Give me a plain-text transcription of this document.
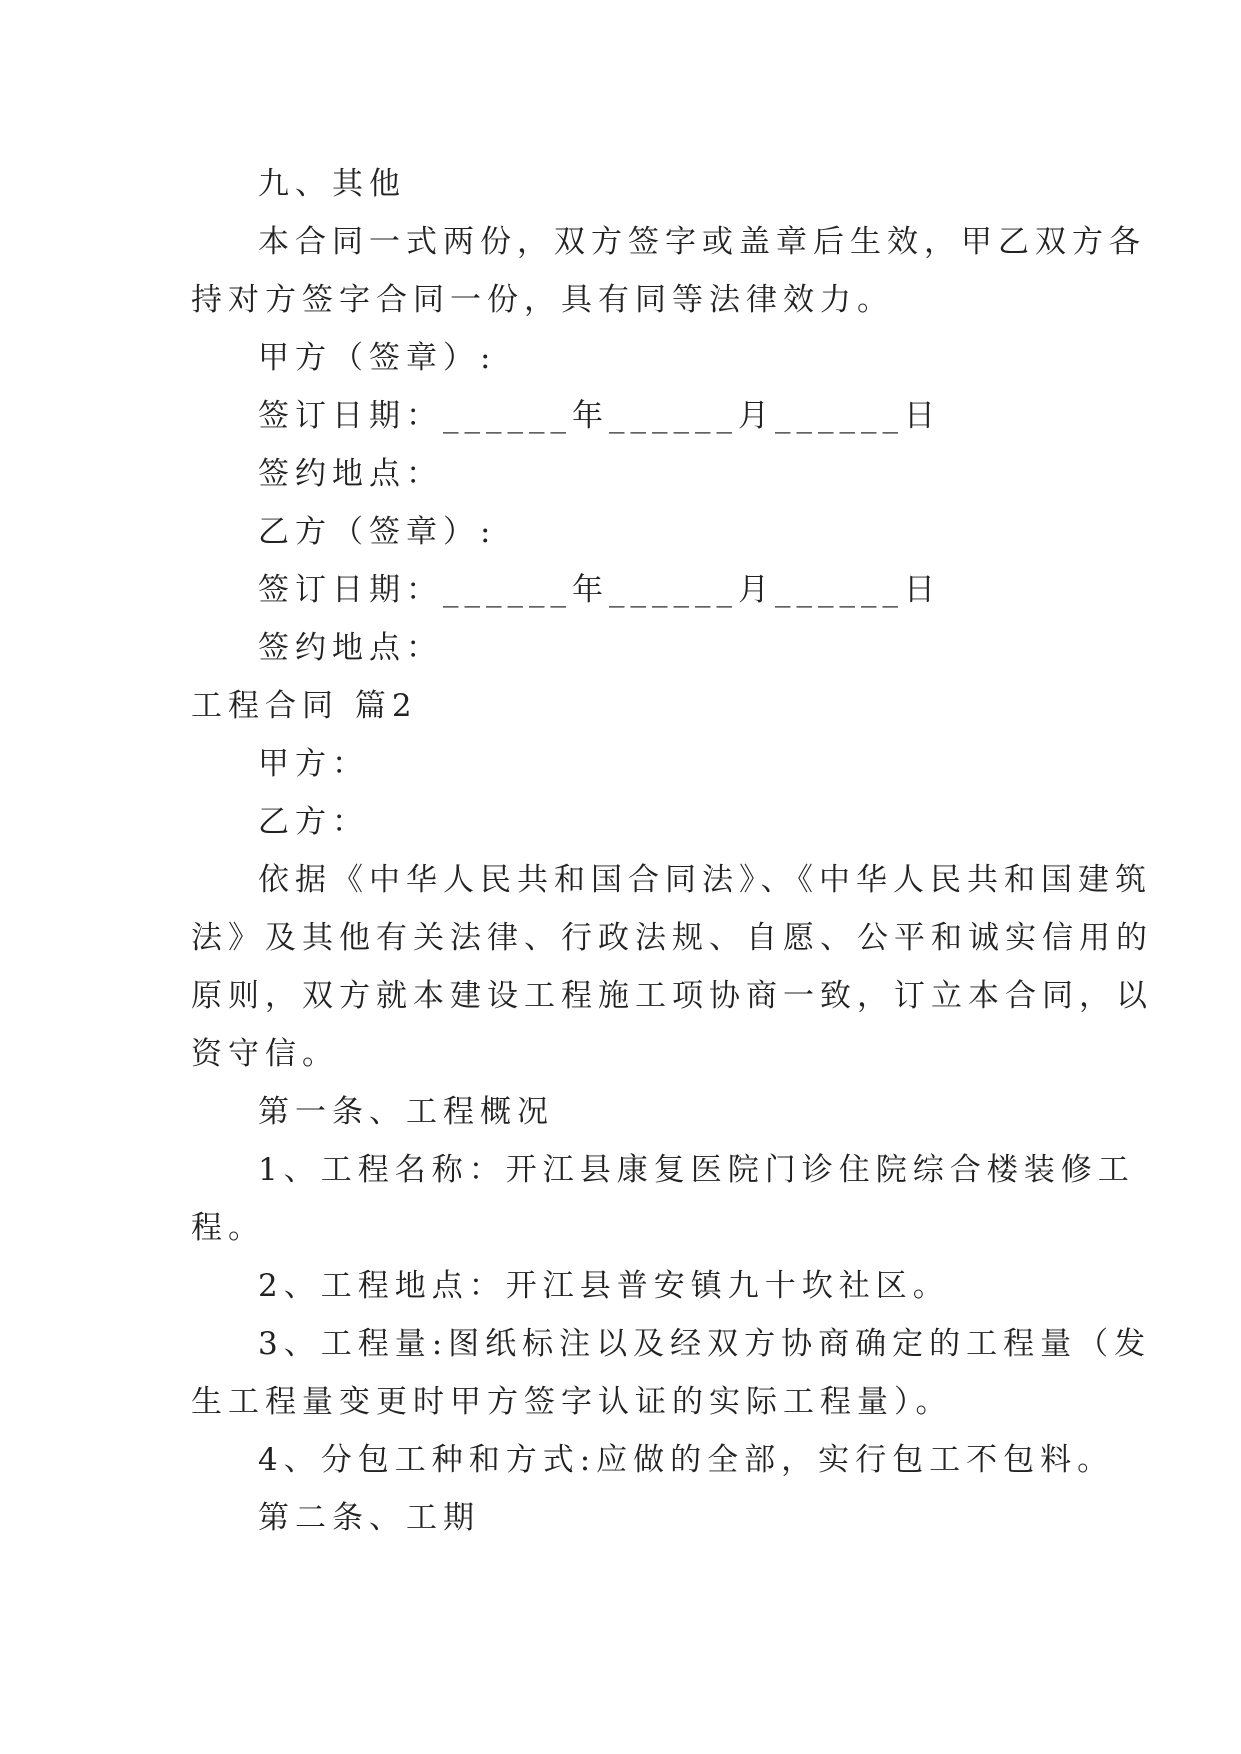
九、其他

本合同一式两份，双方签字或盖章后生效，甲乙双方各

持对方签字合同一份，具有同等法律效力。

甲方（签章）:

签订日期：______年______月______日

签约地点：

乙方（签章）:

签订日期：______年______月______日

签约地点：

工程合同 篇2

甲方：

乙方：

依据《中华人民共和国合同法》、《中华人民共和国建筑

法》及其他有关法律、行政法规、自愿、公平和诚实信用的

原则，双方就本建设工程施工项协商一致，订立本合同，以

资守信。

第一条、工程概况

1、工程名称：开江县康复医院门诊住院综合楼装修工

程。

2、工程地点：开江县普安镇九十坎社区。

3、工程量:图纸标注以及经双方协商确定的工程量（发

生工程量变更时甲方签字认证的实际工程量）。

4、分包工种和方式:应做的全部，实行包工不包料。

第二条、工期
